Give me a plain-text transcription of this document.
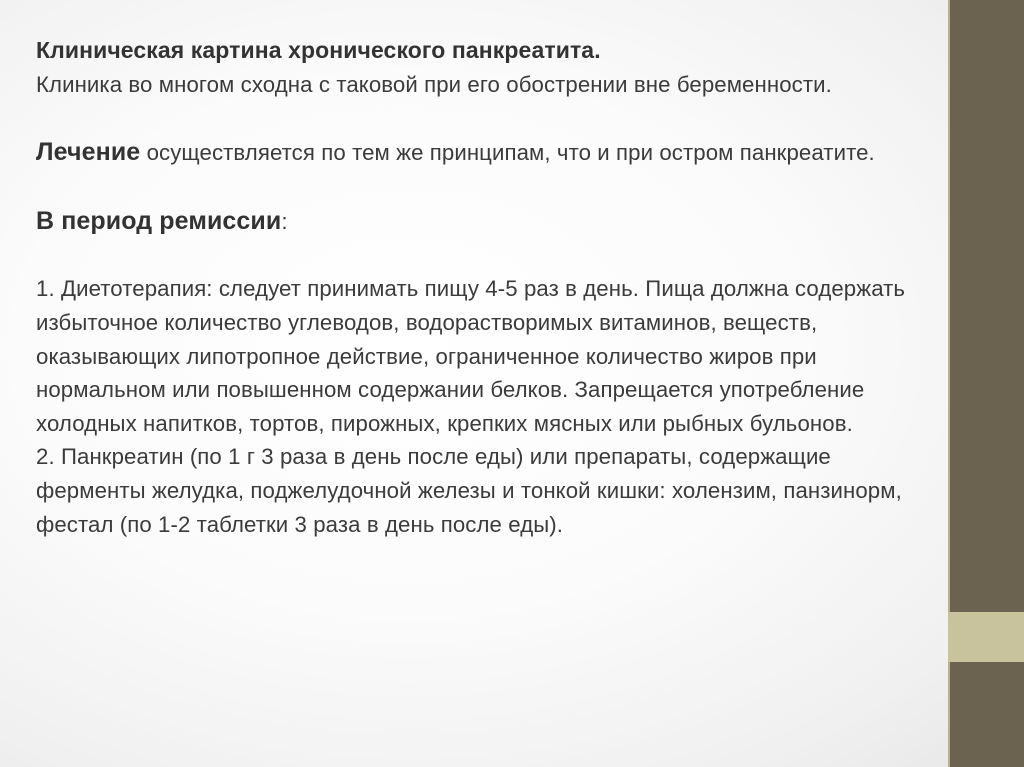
Клиническая картина хронического панкреатита.

Клиника во многом сходна с таковой при его обострении вне беременности.

Лечение осуществляется по тем же принципам, что и при остром панкреатите.

В период ремиссии:

1. Диетотерапия: следует принимать пищу 4-5 раз в день. Пища должна содержать избыточное количество углеводов, водорастворимых витаминов, веществ, оказывающих липотропное действие, ограниченное количество жиров при нормальном или повышенном содержании белков. Запрещается употребление холодных напитков, тортов, пирожных, крепких мясных или рыбных бульонов.

2. Панкреатин (по 1 г 3 раза в день после еды) или препараты, содержащие ферменты желудка, поджелудочной железы и тонкой кишки: холензим, панзинорм, фестал (по 1-2 таблетки 3 раза в день после еды).
